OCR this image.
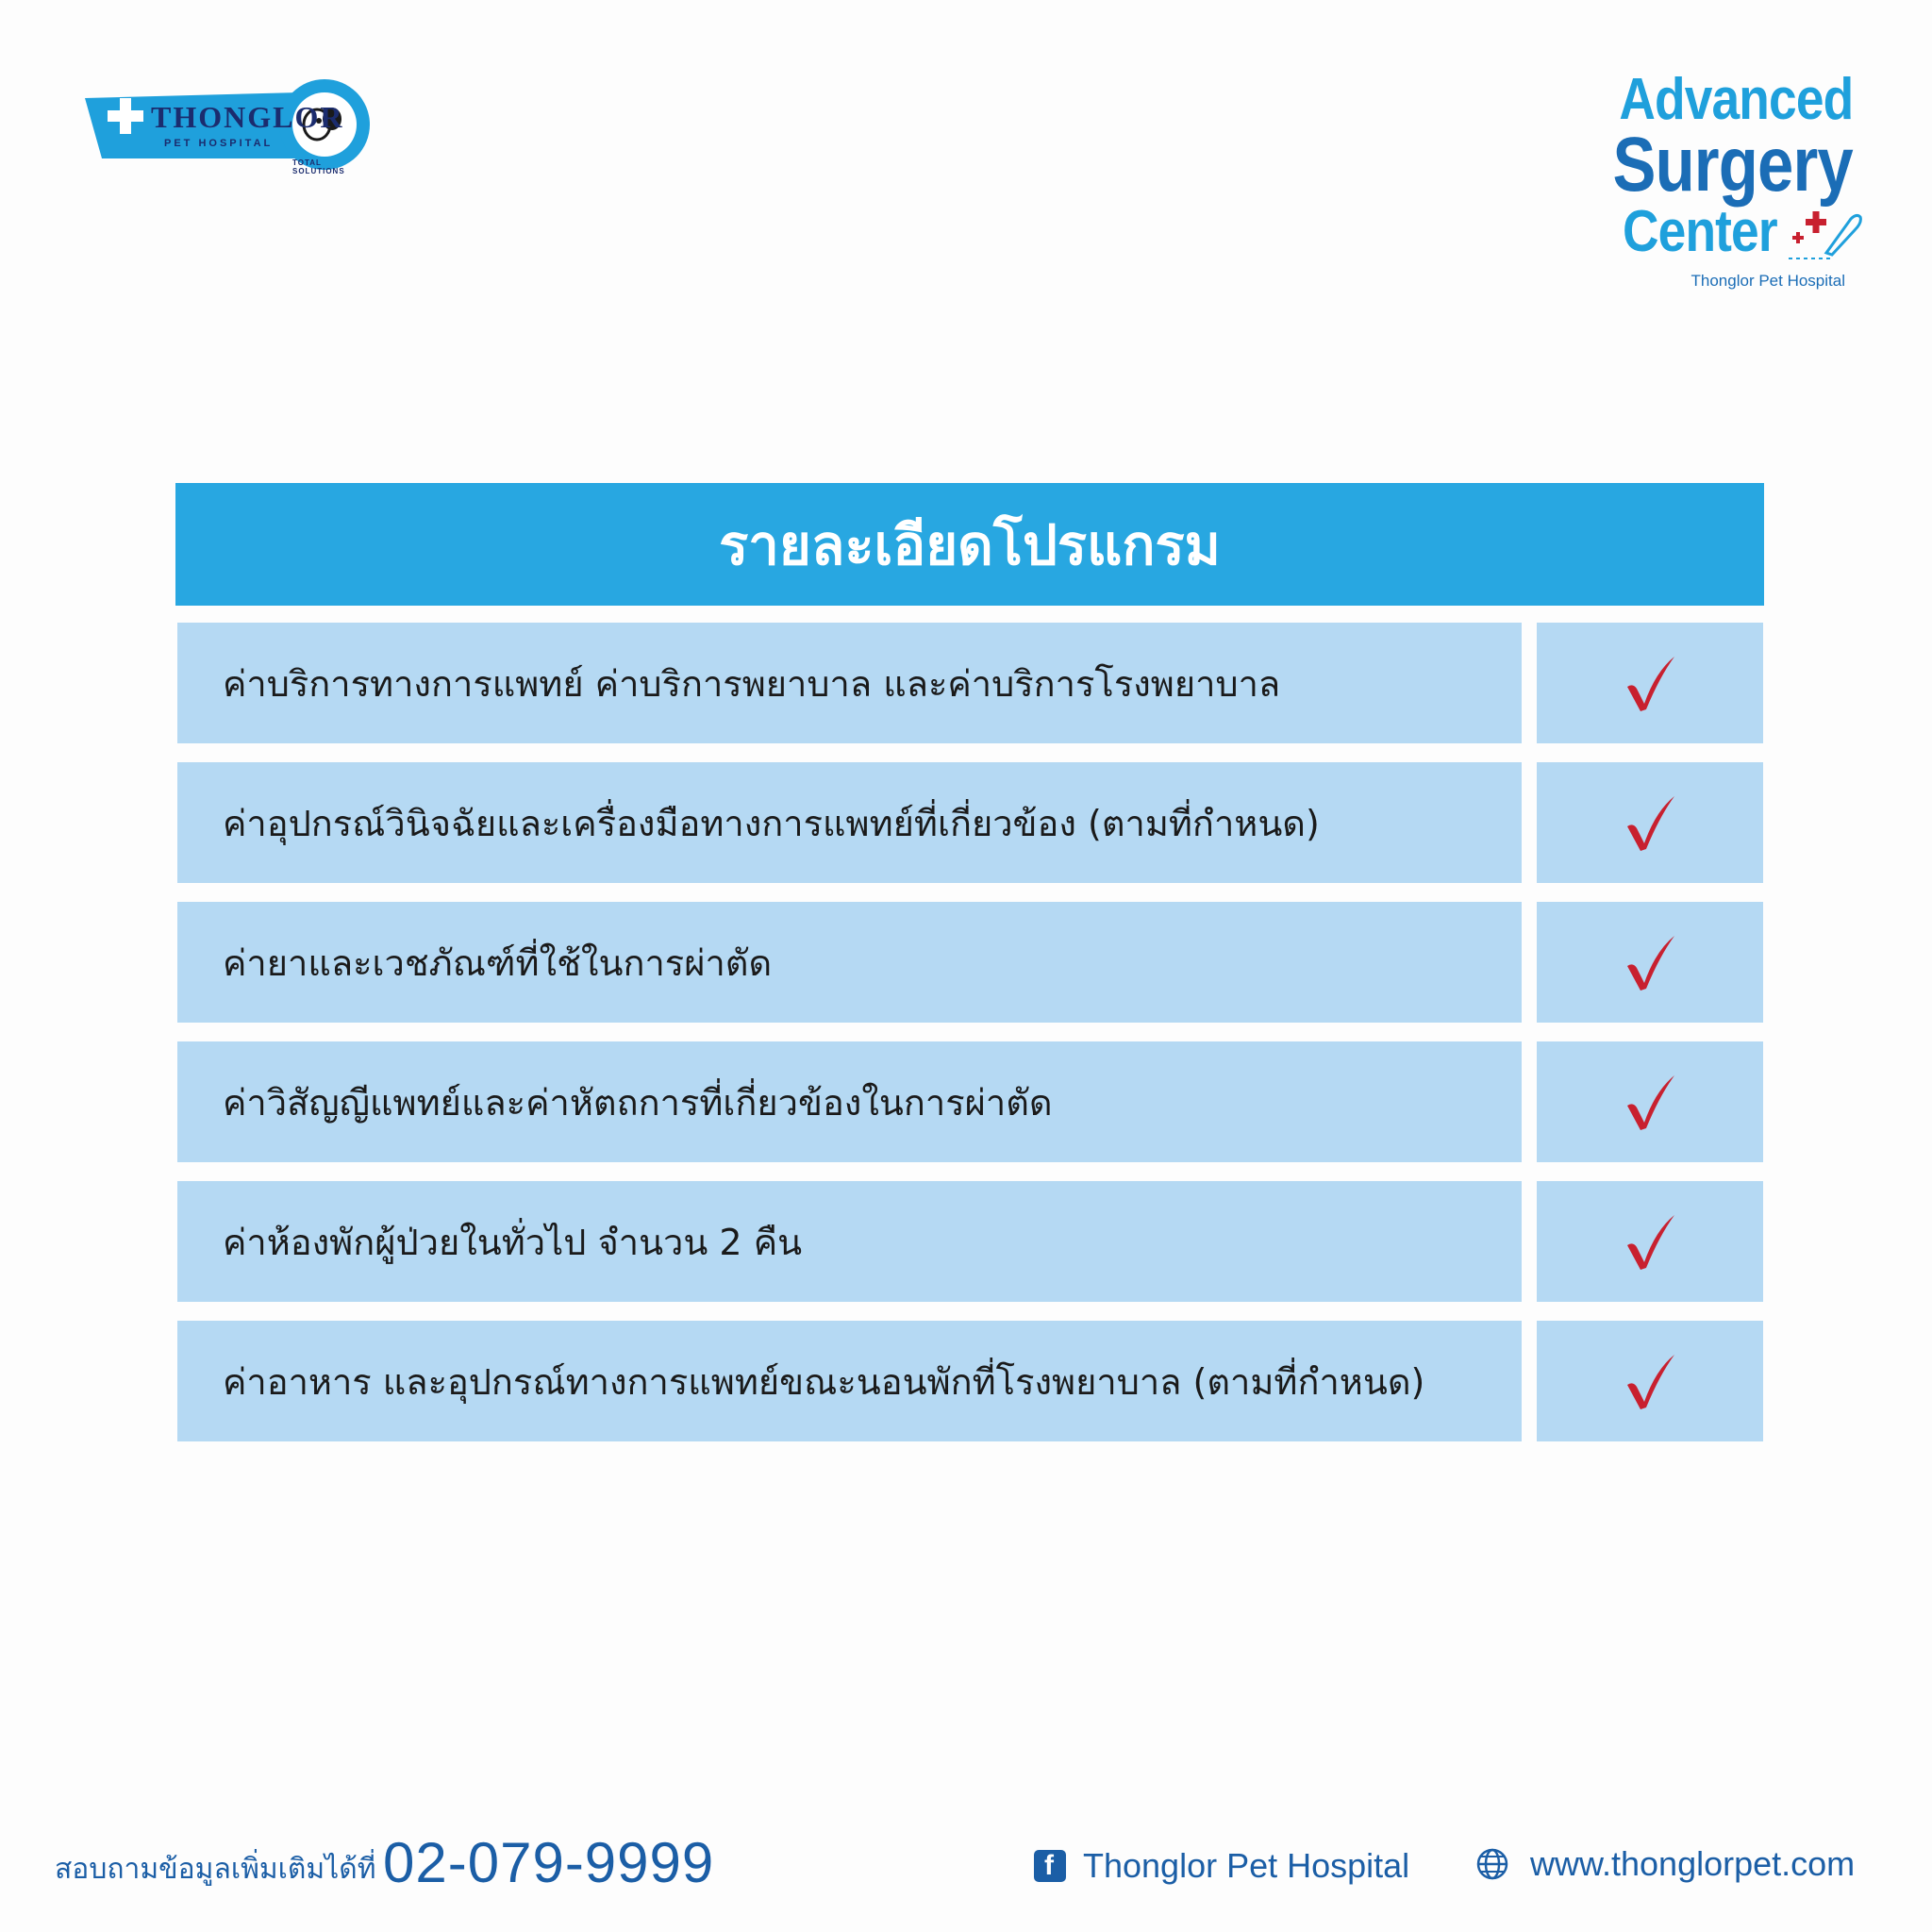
THONGLOR
PET HOSPITAL
TOTAL SOLUTIONS
Advanced
Surgery
Center
Thonglor Pet Hospital
รายละเอียดโปรแกรม
ค่าบริการทางการแพทย์ ค่าบริการพยาบาล และค่าบริการโรงพยาบาล
ค่าอุปกรณ์วินิจฉัยและเครื่องมือทางการแพทย์ที่เกี่ยวข้อง (ตามที่กำหนด)
ค่ายาและเวชภัณฑ์ที่ใช้ในการผ่าตัด
ค่าวิสัญญีแพทย์และค่าหัตถการที่เกี่ยวข้องในการผ่าตัด
ค่าห้องพักผู้ป่วยในทั่วไป จำนวน 2 คืน
ค่าอาหาร และอุปกรณ์ทางการแพทย์ขณะนอนพักที่โรงพยาบาล (ตามที่กำหนด)
สอบถามข้อมูลเพิ่มเติมได้ที่ 02-079-9999
f	Thonglor Pet Hospital	www.thonglorpet.com
